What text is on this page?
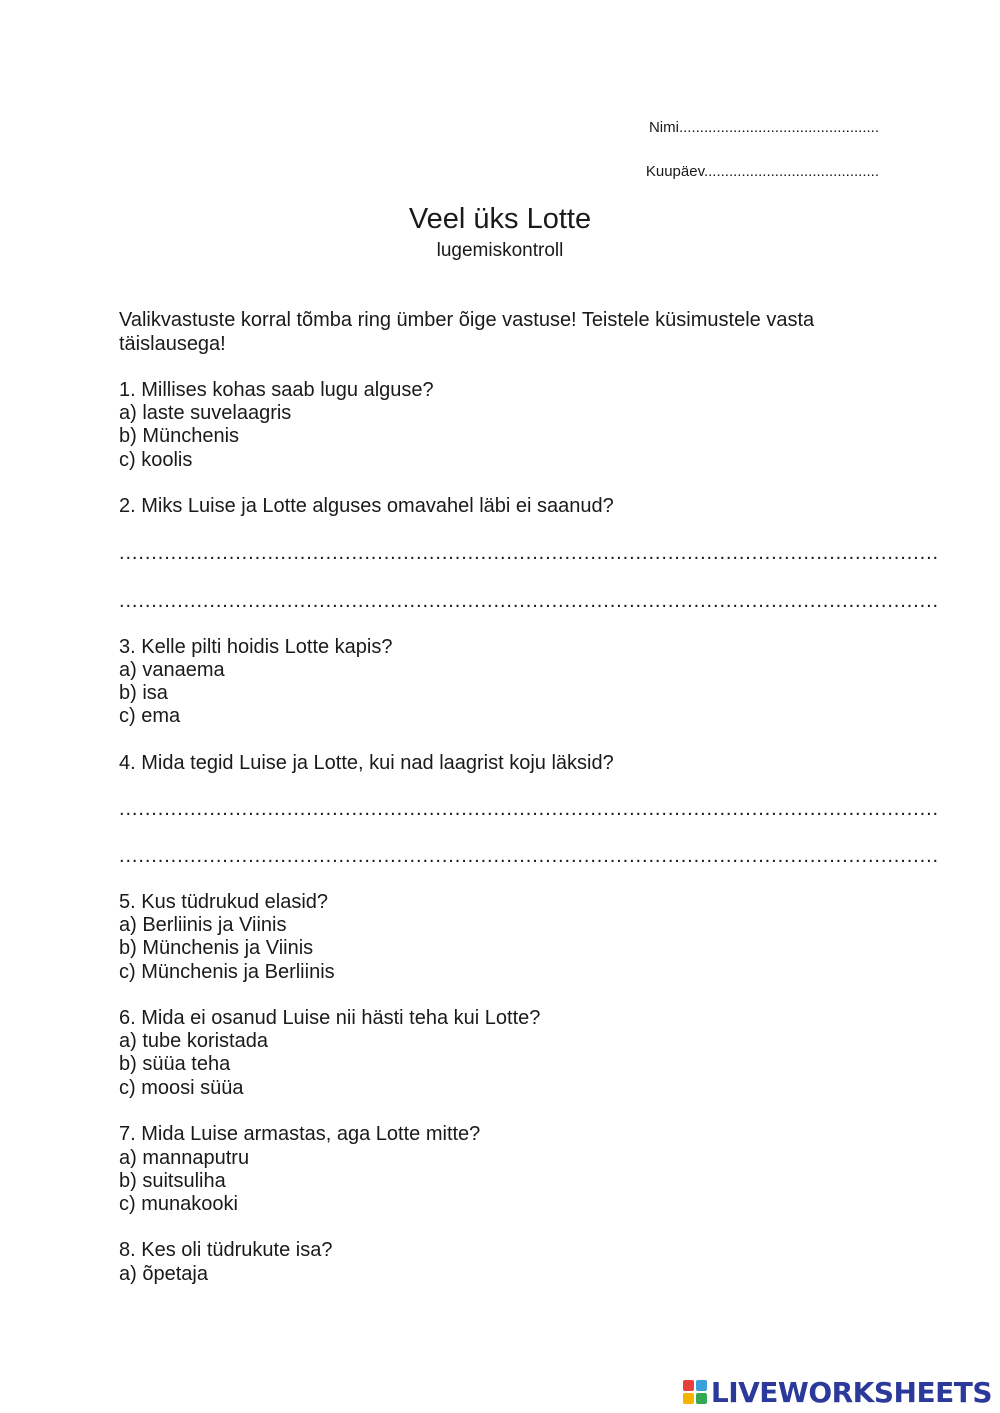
Nimi................................................
Kuupäev..........................................
Veel üks Lotte
lugemiskontroll
Valikvastuste korral tõmba ring ümber õige vastuse! Teistele küsimustele vasta
täislausega!
1. Millises kohas saab lugu alguse?
a) laste suvelaagris
b) Münchenis
c) koolis
2. Miks Luise ja Lotte alguses omavahel läbi ei saanud?
...............................................................................................................................
...............................................................................................................................
3. Kelle pilti hoidis Lotte kapis?
a) vanaema
b) isa
c) ema
4. Mida tegid Luise ja Lotte, kui nad laagrist koju läksid?
...............................................................................................................................
...............................................................................................................................
5. Kus tüdrukud elasid?
a) Berliinis ja Viinis
b) Münchenis ja Viinis
c) Münchenis ja Berliinis
6. Mida ei osanud Luise nii hästi teha kui Lotte?
a) tube koristada
b) süüa teha
c) moosi süüa
7. Mida Luise armastas, aga Lotte mitte?
a) mannaputru
b) suitsuliha
c) munakooki
8. Kes oli tüdrukute isa?
a) õpetaja
LIVEWORKSHEETS
